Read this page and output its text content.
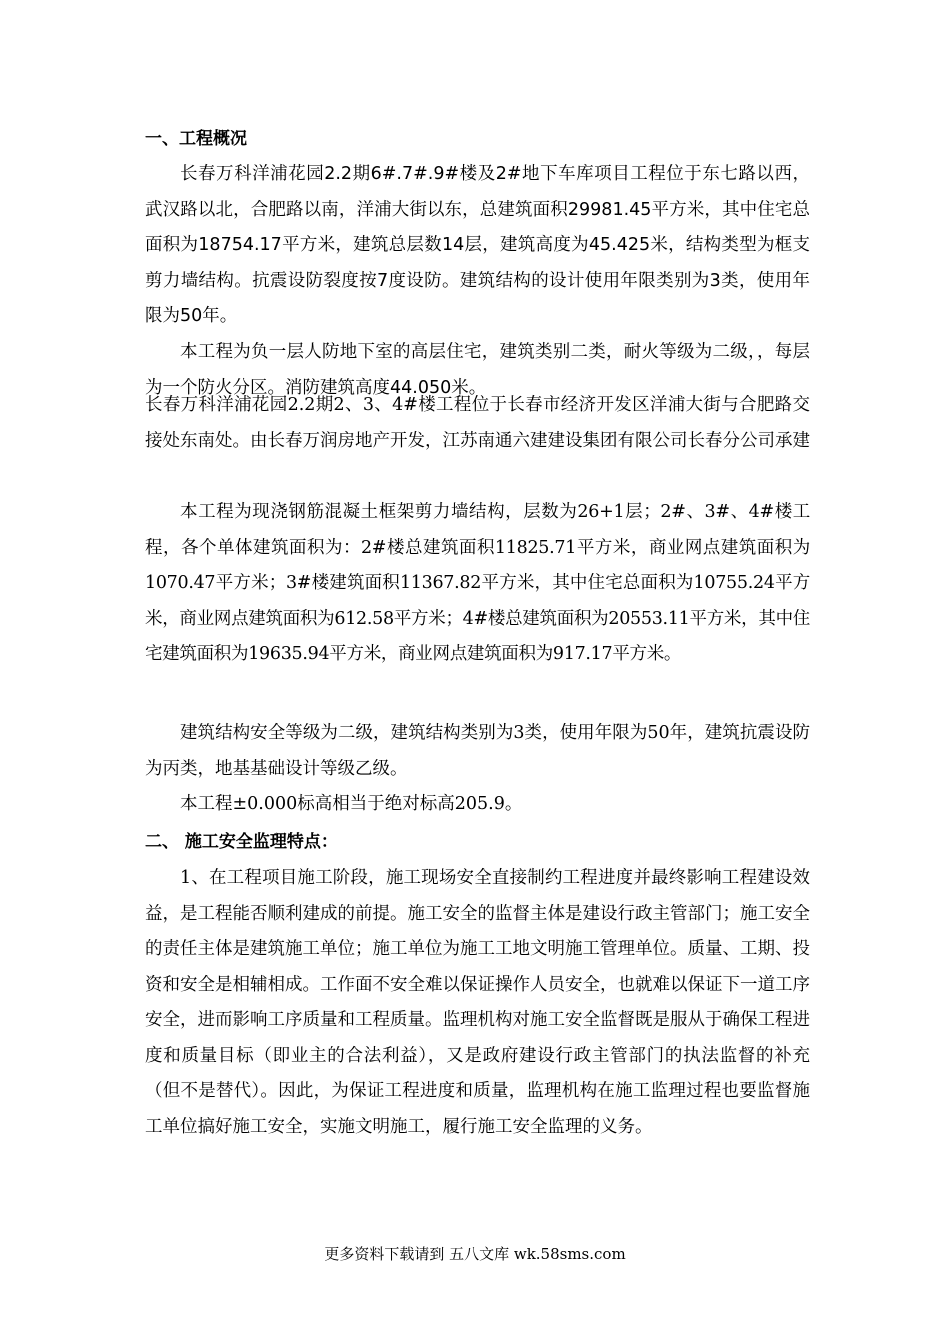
一、工程概况
长春万科洋浦花园2.2期6#.7#.9#楼及2#地下车库项目工程位于东七路以西，武汉路以北，合肥路以南，洋浦大街以东，总建筑面积29981.45平方米，其中住宅总面积为18754.17平方米，建筑总层数14层，建筑高度为45.425米，结构类型为框支剪力墙结构。抗震设防裂度按7度设防。建筑结构的设计使用年限类别为3类，使用年限为50年。
本工程为负一层人防地下室的高层住宅，建筑类别二类，耐火等级为二级，，每层为一个防火分区。消防建筑高度44.050米。
长春万科洋浦花园2.2期2、3、4#楼工程位于长春市经济开发区洋浦大街与合肥路交接处东南处。由长春万润房地产开发，江苏南通六建建设集团有限公司长春分公司承建
本工程为现浇钢筋混凝土框架剪力墙结构，层数为26+1层；2#、3#、4#楼工程，各个单体建筑面积为：2#楼总建筑面积11825.71平方米，商业网点建筑面积为1070.47平方米；3#楼建筑面积11367.82平方米，其中住宅总面积为10755.24平方米，商业网点建筑面积为612.58平方米；4#楼总建筑面积为20553.11平方米，其中住宅建筑面积为19635.94平方米，商业网点建筑面积为917.17平方米。
建筑结构安全等级为二级，建筑结构类别为3类，使用年限为50年，建筑抗震设防为丙类，地基基础设计等级乙级。
本工程±0.000标高相当于绝对标高205.9。
二、 施工安全监理特点：
1、在工程项目施工阶段，施工现场安全直接制约工程进度并最终影响工程建设效益，是工程能否顺利建成的前提。施工安全的监督主体是建设行政主管部门；施工安全的责任主体是建筑施工单位；施工单位为施工工地文明施工管理单位。质量、工期、投资和安全是相辅相成。工作面不安全难以保证操作人员安全，也就难以保证下一道工序安全，进而影响工序质量和工程质量。监理机构对施工安全监督既是服从于确保工程进度和质量目标（即业主的合法利益），又是政府建设行政主管部门的执法监督的补充（但不是替代）。因此，为保证工程进度和质量，监理机构在施工监理过程也要监督施工单位搞好施工安全，实施文明施工，履行施工安全监理的义务。
更多资料下载请到 五八文库 wk.58sms.com
